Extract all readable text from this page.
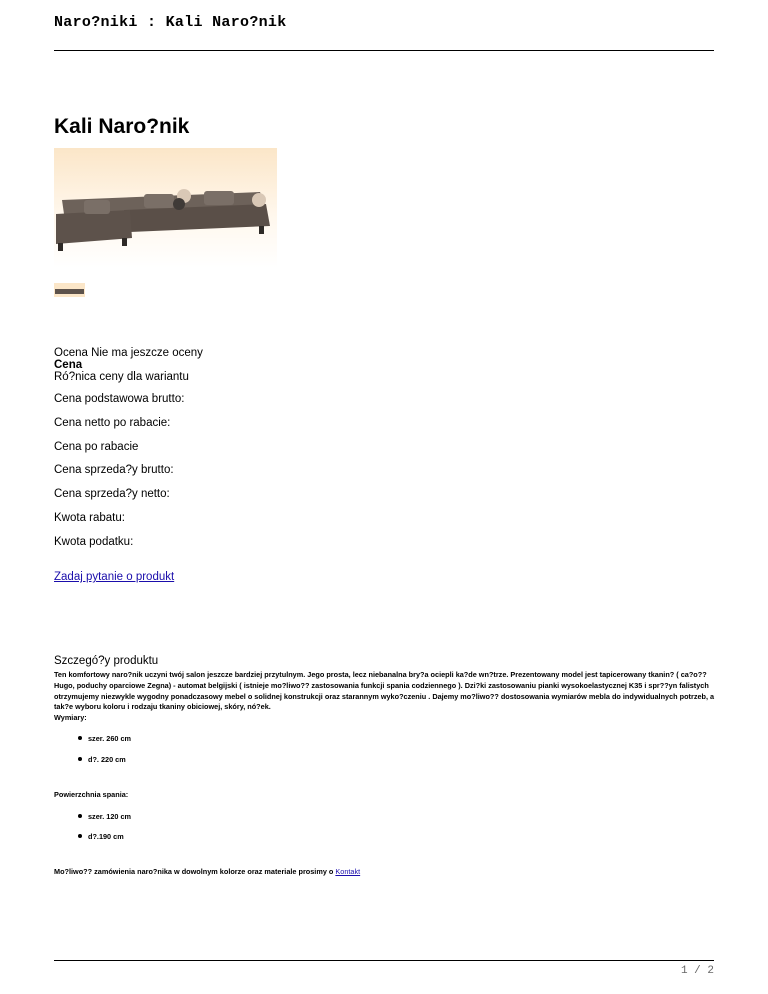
Naro?niki : Kali Naro?nik
Kali Naro?nik
Ocena Nie ma jeszcze oceny
Cena
Ró?nica ceny dla wariantu
Cena podstawowa brutto:
Cena netto po rabacie:
Cena po rabacie
Cena sprzeda?y brutto:
Cena sprzeda?y netto:
Kwota rabatu:
Kwota podatku:
Zadaj pytanie o produkt
Szczegó?y produktu

Ten komfortowy naro?nik uczyni twój salon jeszcze bardziej przytulnym. Jego prosta, lecz niebanalna bry?a ociepli ka?de wn?trze. Prezentowany model jest tapicerowany tkanin? ( ca?o?? Hugo, poduchy oparciowe Zegna) - automat belgijski ( istnieje mo?liwo?? zastosowania funkcji spania codziennego ). Dzi?ki zastosowaniu pianki wysokoelastycznej K35 i spr??yn falistych otrzymujemy niezwykle wygodny ponadczasowy mebel o solidnej konstrukcji oraz starannym wyko?czeniu . Dajemy mo?liwo?? dostosowania wymiarów mebla do indywidualnych potrzeb, a tak?e wyboru koloru i rodzaju tkaniny obiciowej, skóry, nó?ek.

Wymiary:
szer. 260 cm
d?. 220 cm
Powierzchnia spania:
szer. 120 cm
d?.190 cm
Mo?liwo?? zamówienia naro?nika w dowolnym kolorze oraz materiale prosimy o Kontakt
1 / 2
